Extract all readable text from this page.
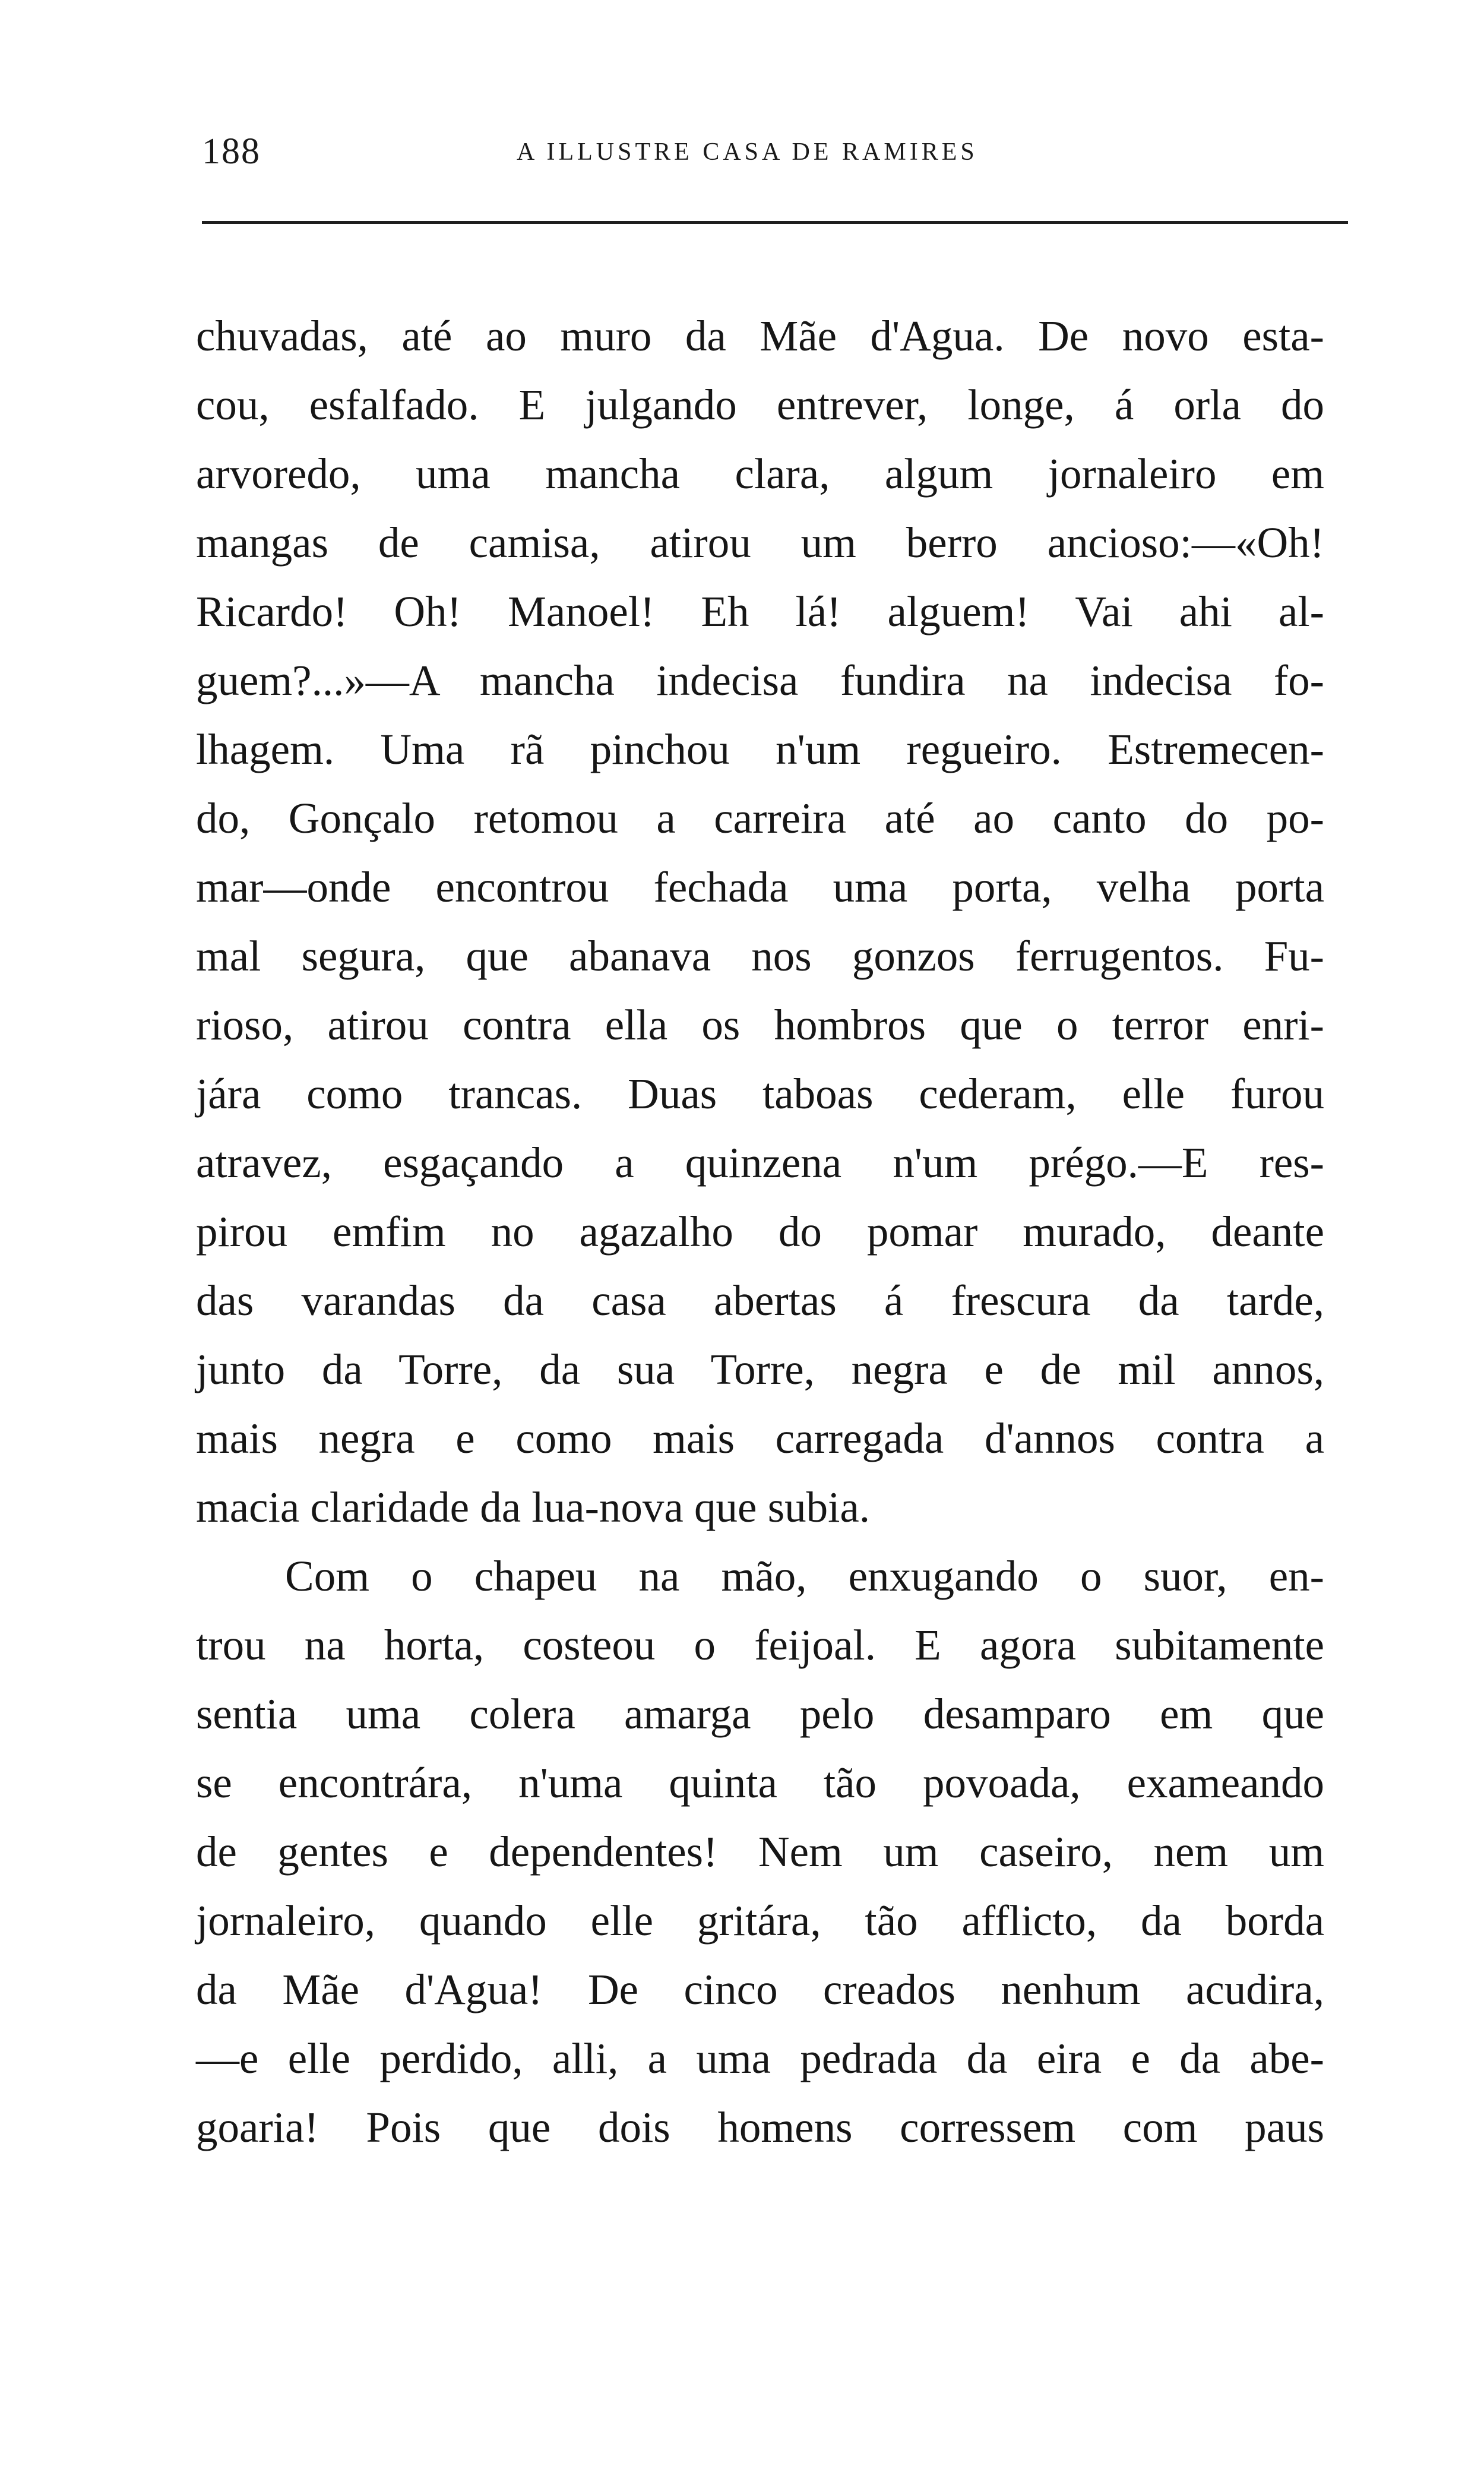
188	A ILLUSTRE CASA DE RAMIRES
chuvadas, até ao muro da Mãe d'Agua. De novo esta-
cou, esfalfado. E julgando entrever, longe, á orla do
arvoredo, uma mancha clara, algum jornaleiro em
mangas de camisa, atirou um berro ancioso:—«Oh!
Ricardo! Oh! Manoel! Eh lá! alguem! Vai ahi al-
guem?...»—A mancha indecisa fundira na indecisa fo-
lhagem. Uma rã pinchou n'um regueiro. Estremecen-
do, Gonçalo retomou a carreira até ao canto do po-
mar—onde encontrou fechada uma porta, velha porta
mal segura, que abanava nos gonzos ferrugentos. Fu-
rioso, atirou contra ella os hombros que o terror enri-
jára como trancas. Duas taboas cederam, elle furou
atravez, esgaçando a quinzena n'um prégo.—E res-
pirou emfim no agazalho do pomar murado, deante
das varandas da casa abertas á frescura da tarde,
junto da Torre, da sua Torre, negra e de mil annos,
mais negra e como mais carregada d'annos contra a
macia claridade da lua-nova que subia.
Com o chapeu na mão, enxugando o suor, en-
trou na horta, costeou o feijoal. E agora subitamente
sentia uma colera amarga pelo desamparo em que
se encontrára, n'uma quinta tão povoada, exameando
de gentes e dependentes! Nem um caseiro, nem um
jornaleiro, quando elle gritára, tão afflicto, da borda
da Mãe d'Agua! De cinco creados nenhum acudira,
—e elle perdido, alli, a uma pedrada da eira e da abe-
goaria! Pois que dois homens corressem com paus
